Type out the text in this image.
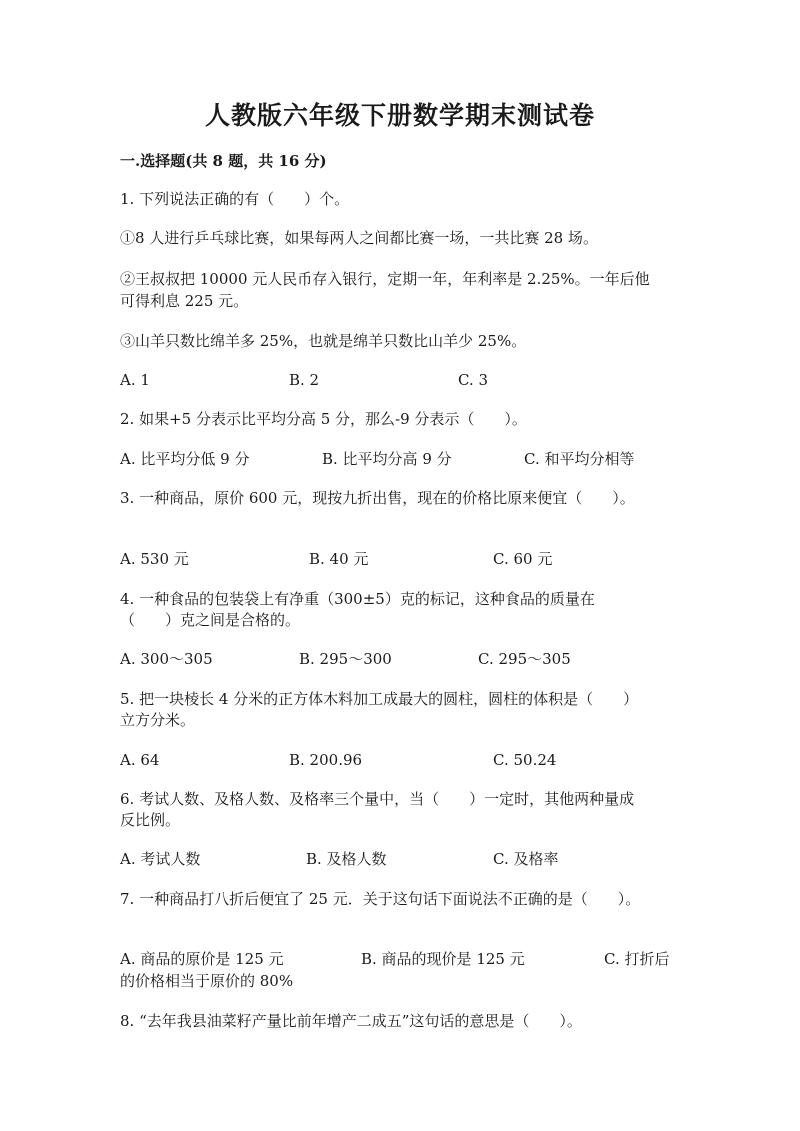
人教版六年级下册数学期末测试卷
一.选择题(共 8 题，共 16 分)
1. 下列说法正确的有（　　）个。
①8 人进行乒乓球比赛，如果每两人之间都比赛一场，一共比赛 28 场。
②王叔叔把 10000 元人民币存入银行，定期一年，年利率是 2.25%。一年后他
可得利息 225 元。
③山羊只数比绵羊多 25%，也就是绵羊只数比山羊少 25%。
A. 1	B. 2	C. 3
2. 如果+5 分表示比平均分高 5 分，那么-9 分表示（　　）。
A. 比平均分低 9 分	B. 比平均分高 9 分	C. 和平均分相等
3. 一种商品，原价 600 元，现按九折出售，现在的价格比原来便宜（　　）。
A. 530 元	B. 40 元	C. 60 元
4. 一种食品的包装袋上有净重（300±5）克的标记，这种食品的质量在
（　　）克之间是合格的。
A. 300～305	B. 295～300	C. 295～305
5. 把一块棱长 4 分米的正方体木料加工成最大的圆柱，圆柱的体积是（　　）
立方分米。
A. 64	B. 200.96	C. 50.24
6. 考试人数、及格人数、及格率三个量中，当（　　）一定时，其他两种量成
反比例。
A. 考试人数	B. 及格人数	C. 及格率
7. 一种商品打八折后便宜了 25 元．关于这句话下面说法不正确的是（　　）。
A. 商品的原价是 125 元	B. 商品的现价是 125 元	C. 打折后
的价格相当于原价的 80%
8. “去年我县油菜籽产量比前年增产二成五”这句话的意思是（　　）。
